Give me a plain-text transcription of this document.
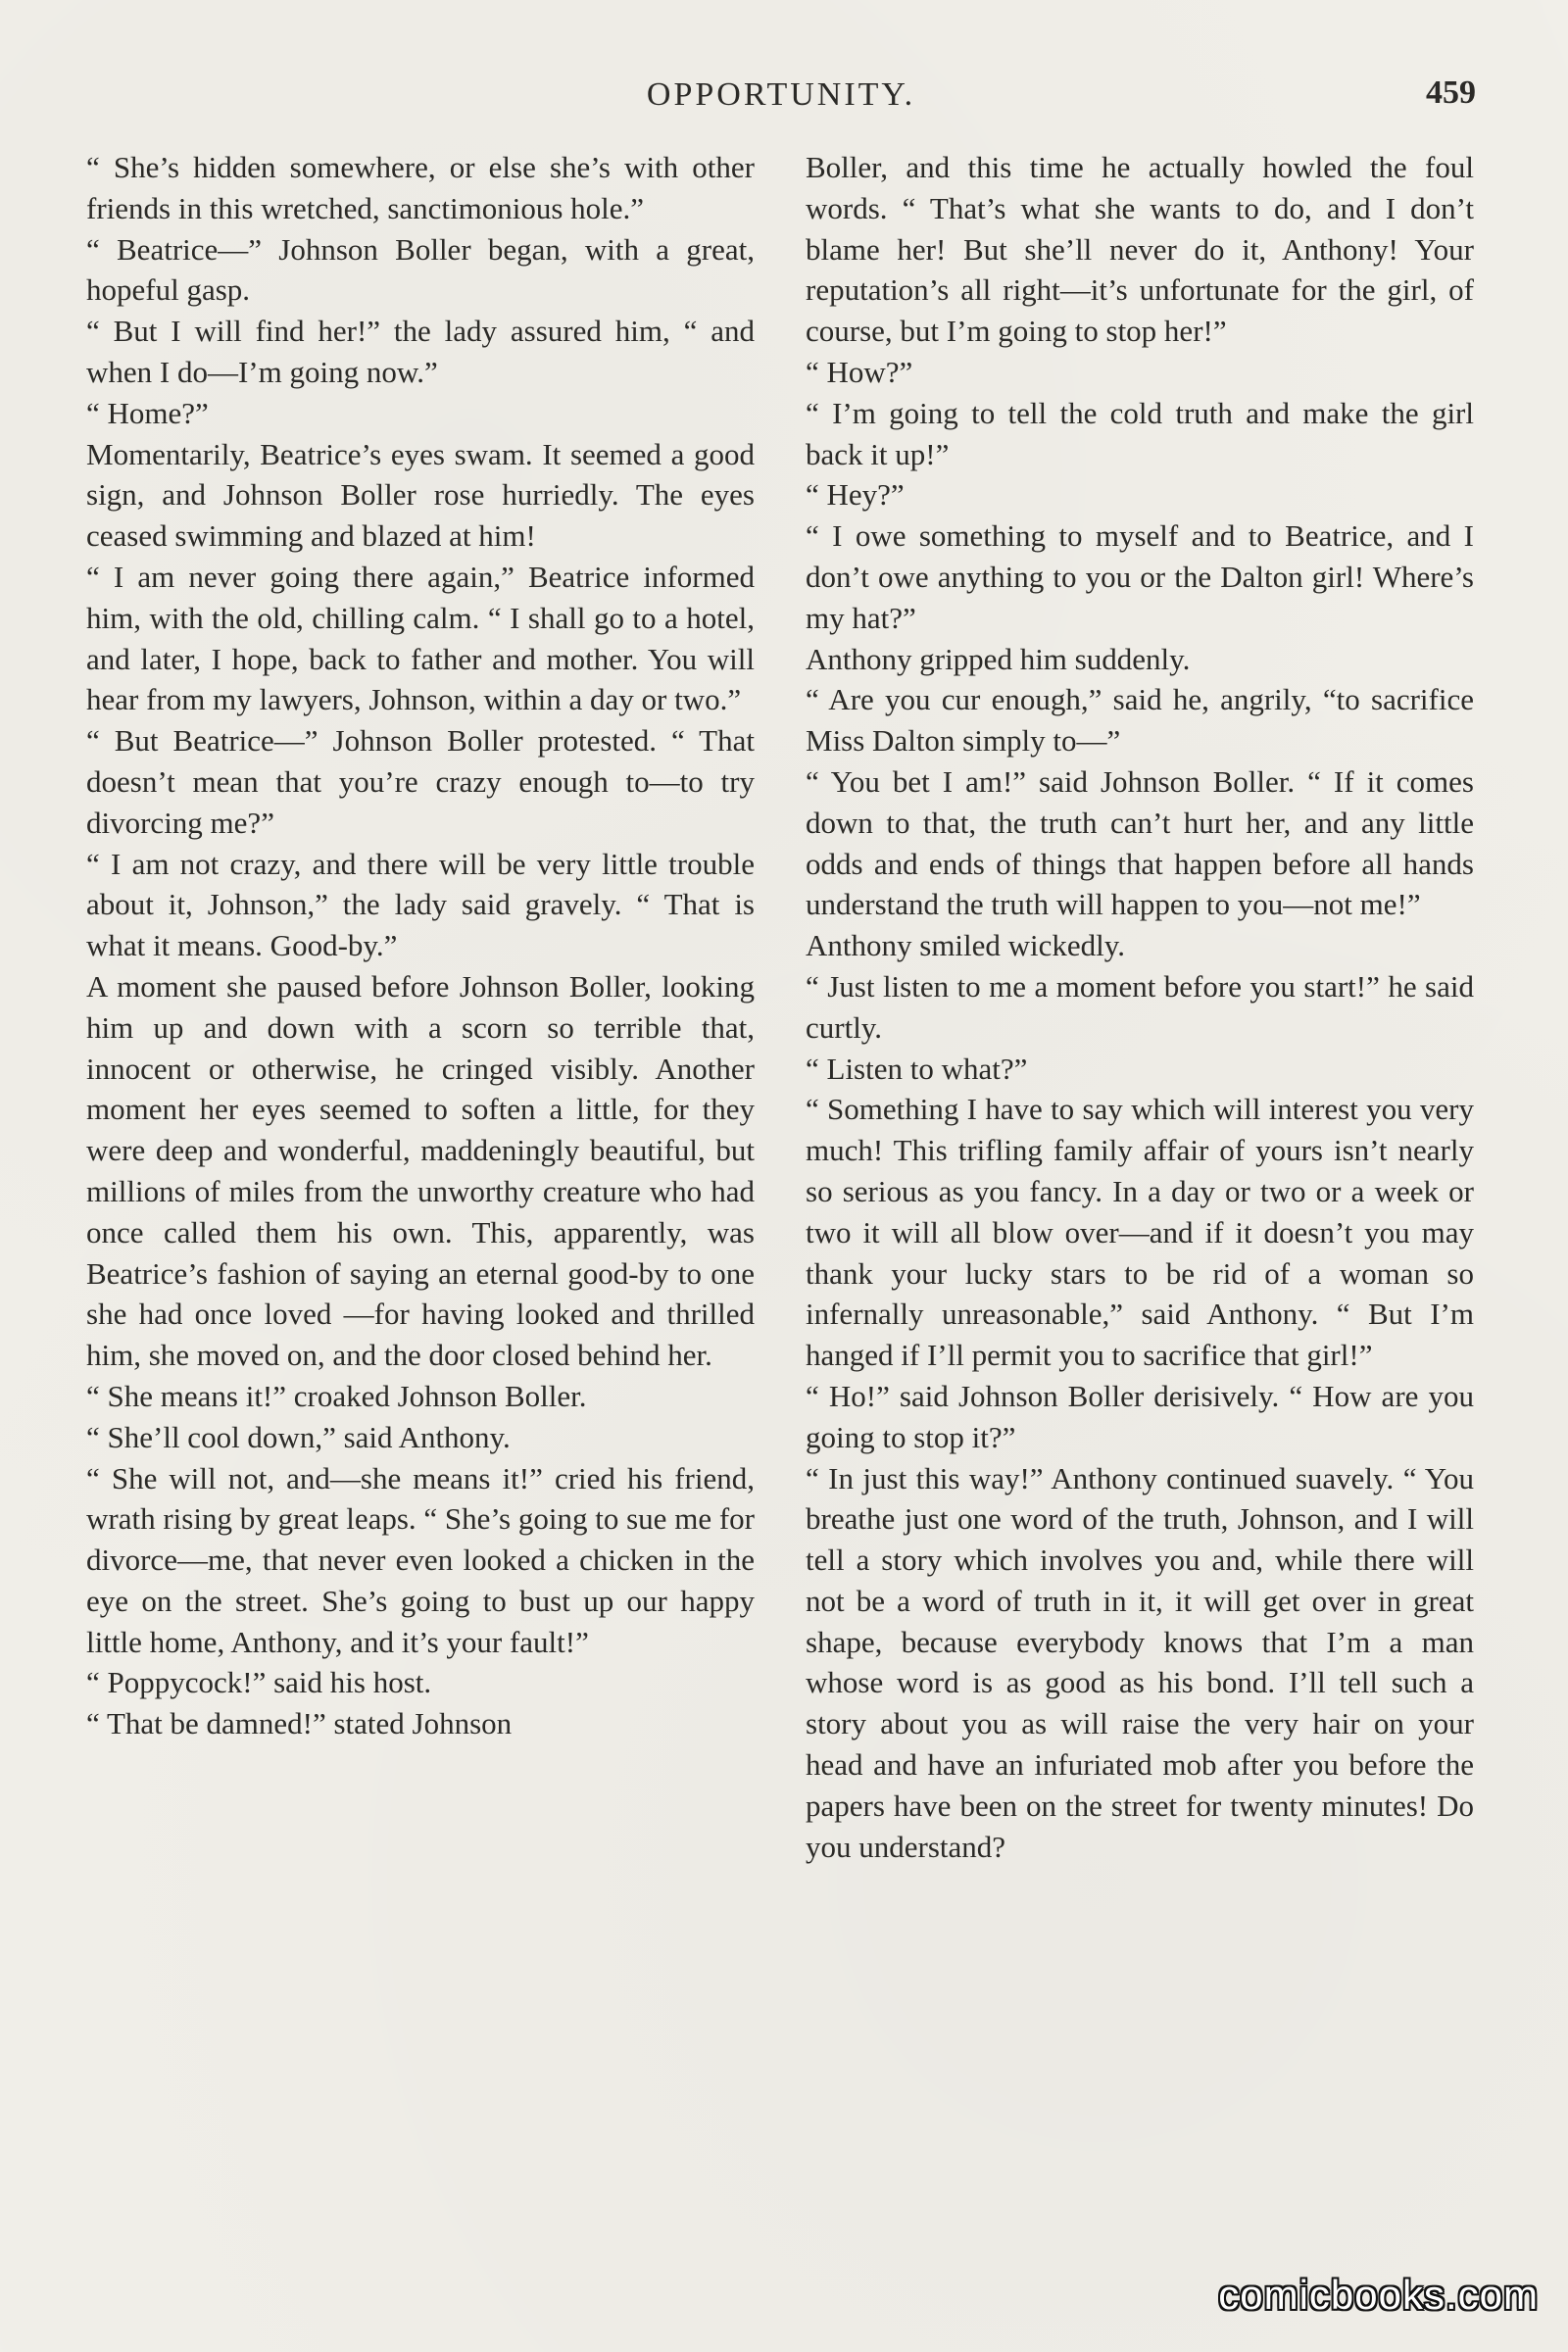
OPPORTUNITY.	459

“ She’s hidden somewhere, or else she’s with other friends in this wretched, sanctimonious hole.”

“ Beatrice—” Johnson Boller began, with a great, hopeful gasp.

“ But I will find her!” the lady assured him, “ and when I do—I’m going now.”

“ Home?”

Momentarily, Beatrice’s eyes swam. It seemed a good sign, and Johnson Boller rose hurriedly. The eyes ceased swimming and blazed at him!

“ I am never going there again,” Beatrice informed him, with the old, chilling calm. “ I shall go to a hotel, and later, I hope, back to father and mother. You will hear from my lawyers, Johnson, within a day or two.”

“ But Beatrice—” Johnson Boller protested. “ That doesn’t mean that you’re crazy enough to—to try divorcing me?”

“ I am not crazy, and there will be very little trouble about it, Johnson,” the lady said gravely. “ That is what it means. Good-by.”

A moment she paused before Johnson Boller, looking him up and down with a scorn so terrible that, innocent or otherwise, he cringed visibly. Another moment her eyes seemed to soften a little, for they were deep and wonderful, maddeningly beautiful, but millions of miles from the unworthy creature who had once called them his own. This, apparently, was Beatrice’s fashion of saying an eternal good-by to one she had once loved —for having looked and thrilled him, she moved on, and the door closed behind her.

“ She means it!” croaked Johnson Boller.

“ She’ll cool down,” said Anthony.

“ She will not, and—she means it!” cried his friend, wrath rising by great leaps. “ She’s going to sue me for divorce—me, that never even looked a chicken in the eye on the street. She’s going to bust up our happy little home, Anthony, and it’s your fault!”

“ Poppycock!” said his host.

“ That be damned!” stated Johnson

Boller, and this time he actually howled the foul words. “ That’s what she wants to do, and I don’t blame her! But she’ll never do it, Anthony! Your reputation’s all right—it’s unfortunate for the girl, of course, but I’m going to stop her!”

“ How?”

“ I’m going to tell the cold truth and make the girl back it up!”

“ Hey?”

“ I owe something to myself and to Beatrice, and I don’t owe anything to you or the Dalton girl! Where’s my hat?”

Anthony gripped him suddenly.

“ Are you cur enough,” said he, angrily, “to sacrifice Miss Dalton simply to—”

“ You bet I am!” said Johnson Boller. “ If it comes down to that, the truth can’t hurt her, and any little odds and ends of things that happen before all hands understand the truth will happen to you—not me!”

Anthony smiled wickedly.

“ Just listen to me a moment before you start!” he said curtly.

“ Listen to what?”

“ Something I have to say which will interest you very much! This trifling family affair of yours isn’t nearly so serious as you fancy. In a day or two or a week or two it will all blow over—and if it doesn’t you may thank your lucky stars to be rid of a woman so infernally unreasonable,” said Anthony. “ But I’m hanged if I’ll permit you to sacrifice that girl!”

“ Ho!” said Johnson Boller derisively. “ How are you going to stop it?”

“ In just this way!” Anthony continued suavely. “ You breathe just one word of the truth, Johnson, and I will tell a story which involves you and, while there will not be a word of truth in it, it will get over in great shape, because everybody knows that I’m a man whose word is as good as his bond. I’ll tell such a story about you as will raise the very hair on your head and have an infuriated mob after you before the papers have been on the street for twenty minutes! Do you understand?

comicbooks.com
